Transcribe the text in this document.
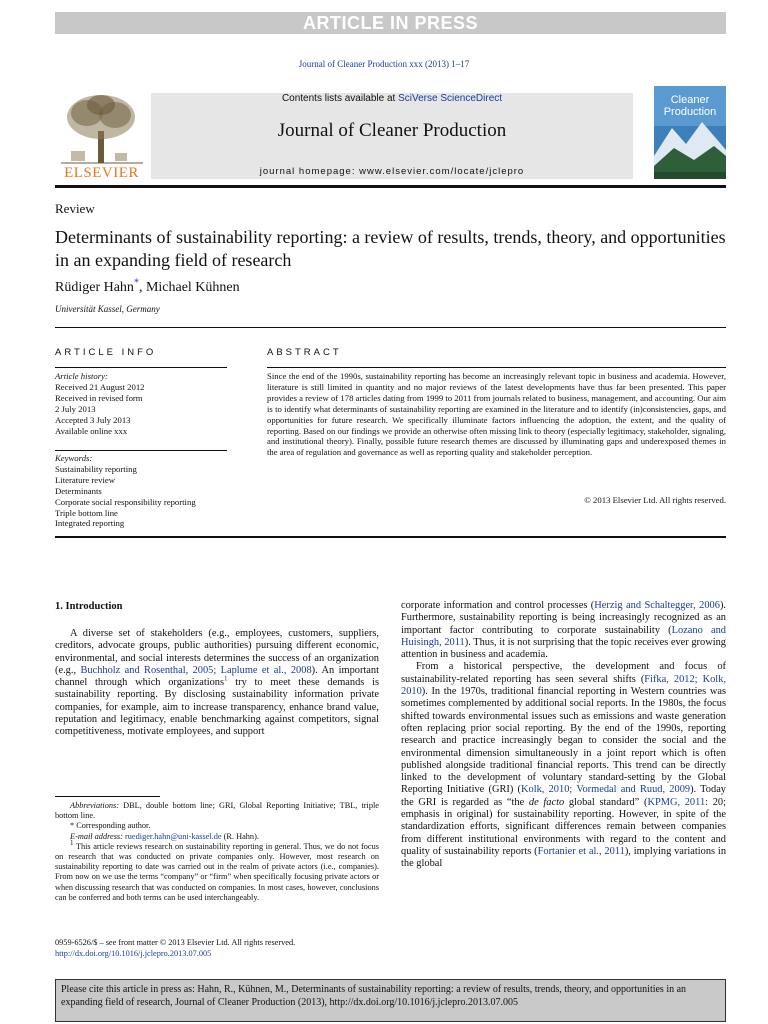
ARTICLE IN PRESS
Journal of Cleaner Production xxx (2013) 1–17
ELSEVIER
Contents lists available at SciVerse ScienceDirect
Journal of Cleaner Production
journal homepage: www.elsevier.com/locate/jclepro
Cleaner
Production
Review
Determinants of sustainability reporting: a review of results, trends, theory, and opportunities in an expanding field of research
Rüdiger Hahn*, Michael Kühnen
Universität Kassel, Germany
ARTICLE INFO	ABSTRACT
Article history:
Received 21 August 2012
Received in revised form
2 July 2013
Accepted 3 July 2013
Available online xxx
Keywords:
Sustainability reporting
Literature review
Determinants
Corporate social responsibility reporting
Triple bottom line
Integrated reporting
Since the end of the 1990s, sustainability reporting has become an increasingly relevant topic in business and academia. However, literature is still limited in quantity and no major reviews of the latest developments have thus far been presented. This paper provides a review of 178 articles dating from 1999 to 2011 from journals related to business, management, and accounting. Our aim is to identify what determinants of sustainability reporting are examined in the literature and to identify (in)consistencies, gaps, and opportunities for future research. We specifically illuminate factors influencing the adoption, the extent, and the quality of reporting. Based on our findings we provide an otherwise often missing link to theory (especially legitimacy, stakeholder, signaling, and institutional theory). Finally, possible future research themes are discussed by illuminating gaps and underexposed themes in the area of regulation and governance as well as reporting quality and stakeholder perception.
© 2013 Elsevier Ltd. All rights reserved.
1. Introduction
A diverse set of stakeholders (e.g., employees, customers, suppliers, creditors, advocate groups, public authorities) pursuing different economic, environmental, and social interests determines the success of an organization (e.g., Buchholz and Rosenthal, 2005; Laplume et al., 2008). An important channel through which organizations$^1$ try to meet these demands is sustainability reporting. By disclosing sustainability information private companies, for example, aim to increase transparency, enhance brand value, reputation and legitimacy, enable benchmarking against competitors, signal competitiveness, motivate employees, and support
corporate information and control processes (Herzig and Schaltegger, 2006). Furthermore, sustainability reporting is being increasingly recognized as an important factor contributing to corporate sustainability (Lozano and Huisingh, 2011). Thus, it is not surprising that the topic receives ever growing attention in business and academia.
From a historical perspective, the development and focus of sustainability-related reporting has seen several shifts (Fifka, 2012; Kolk, 2010). In the 1970s, traditional financial reporting in Western countries was sometimes complemented by additional social reports. In the 1980s, the focus shifted towards environmental issues such as emissions and waste generation often replacing prior social reporting. By the end of the 1990s, reporting research and practice increasingly began to consider the social and the environmental dimension simultaneously in a joint report which is often published alongside traditional financial reports. This trend can be directly linked to the development of voluntary standard-setting by the Global Reporting Initiative (GRI) (Kolk, 2010; Vormedal and Ruud, 2009). Today the GRI is regarded as “the de facto global standard” (KPMG, 2011: 20; emphasis in original) for sustainability reporting. However, in spite of the standardization efforts, significant differences remain between companies from different institutional environments with regard to the content and quality of sustainability reports (Fortanier et al., 2011), implying variations in the global
Abbreviations: DBL, double bottom line; GRI, Global Reporting Initiative; TBL, triple bottom line.
* Corresponding author.
E-mail address: ruediger.hahn@uni-kassel.de (R. Hahn).
$^1$ This article reviews research on sustainability reporting in general. Thus, we do not focus on research that was conducted on private companies only. However, most research on sustainability reporting to date was carried out in the realm of private actors (i.e., companies). From now on we use the terms “company” or “firm” when specifically focusing private actors or when discussing research that was conducted on companies. In most cases, however, conclusions can be conferred and both terms can be used interchangeably.
0959-6526/$ – see front matter © 2013 Elsevier Ltd. All rights reserved.
http://dx.doi.org/10.1016/j.jclepro.2013.07.005
Please cite this article in press as: Hahn, R., Kühnen, M., Determinants of sustainability reporting: a review of results, trends, theory, and opportunities in an expanding field of research, Journal of Cleaner Production (2013), http://dx.doi.org/10.1016/j.jclepro.2013.07.005
